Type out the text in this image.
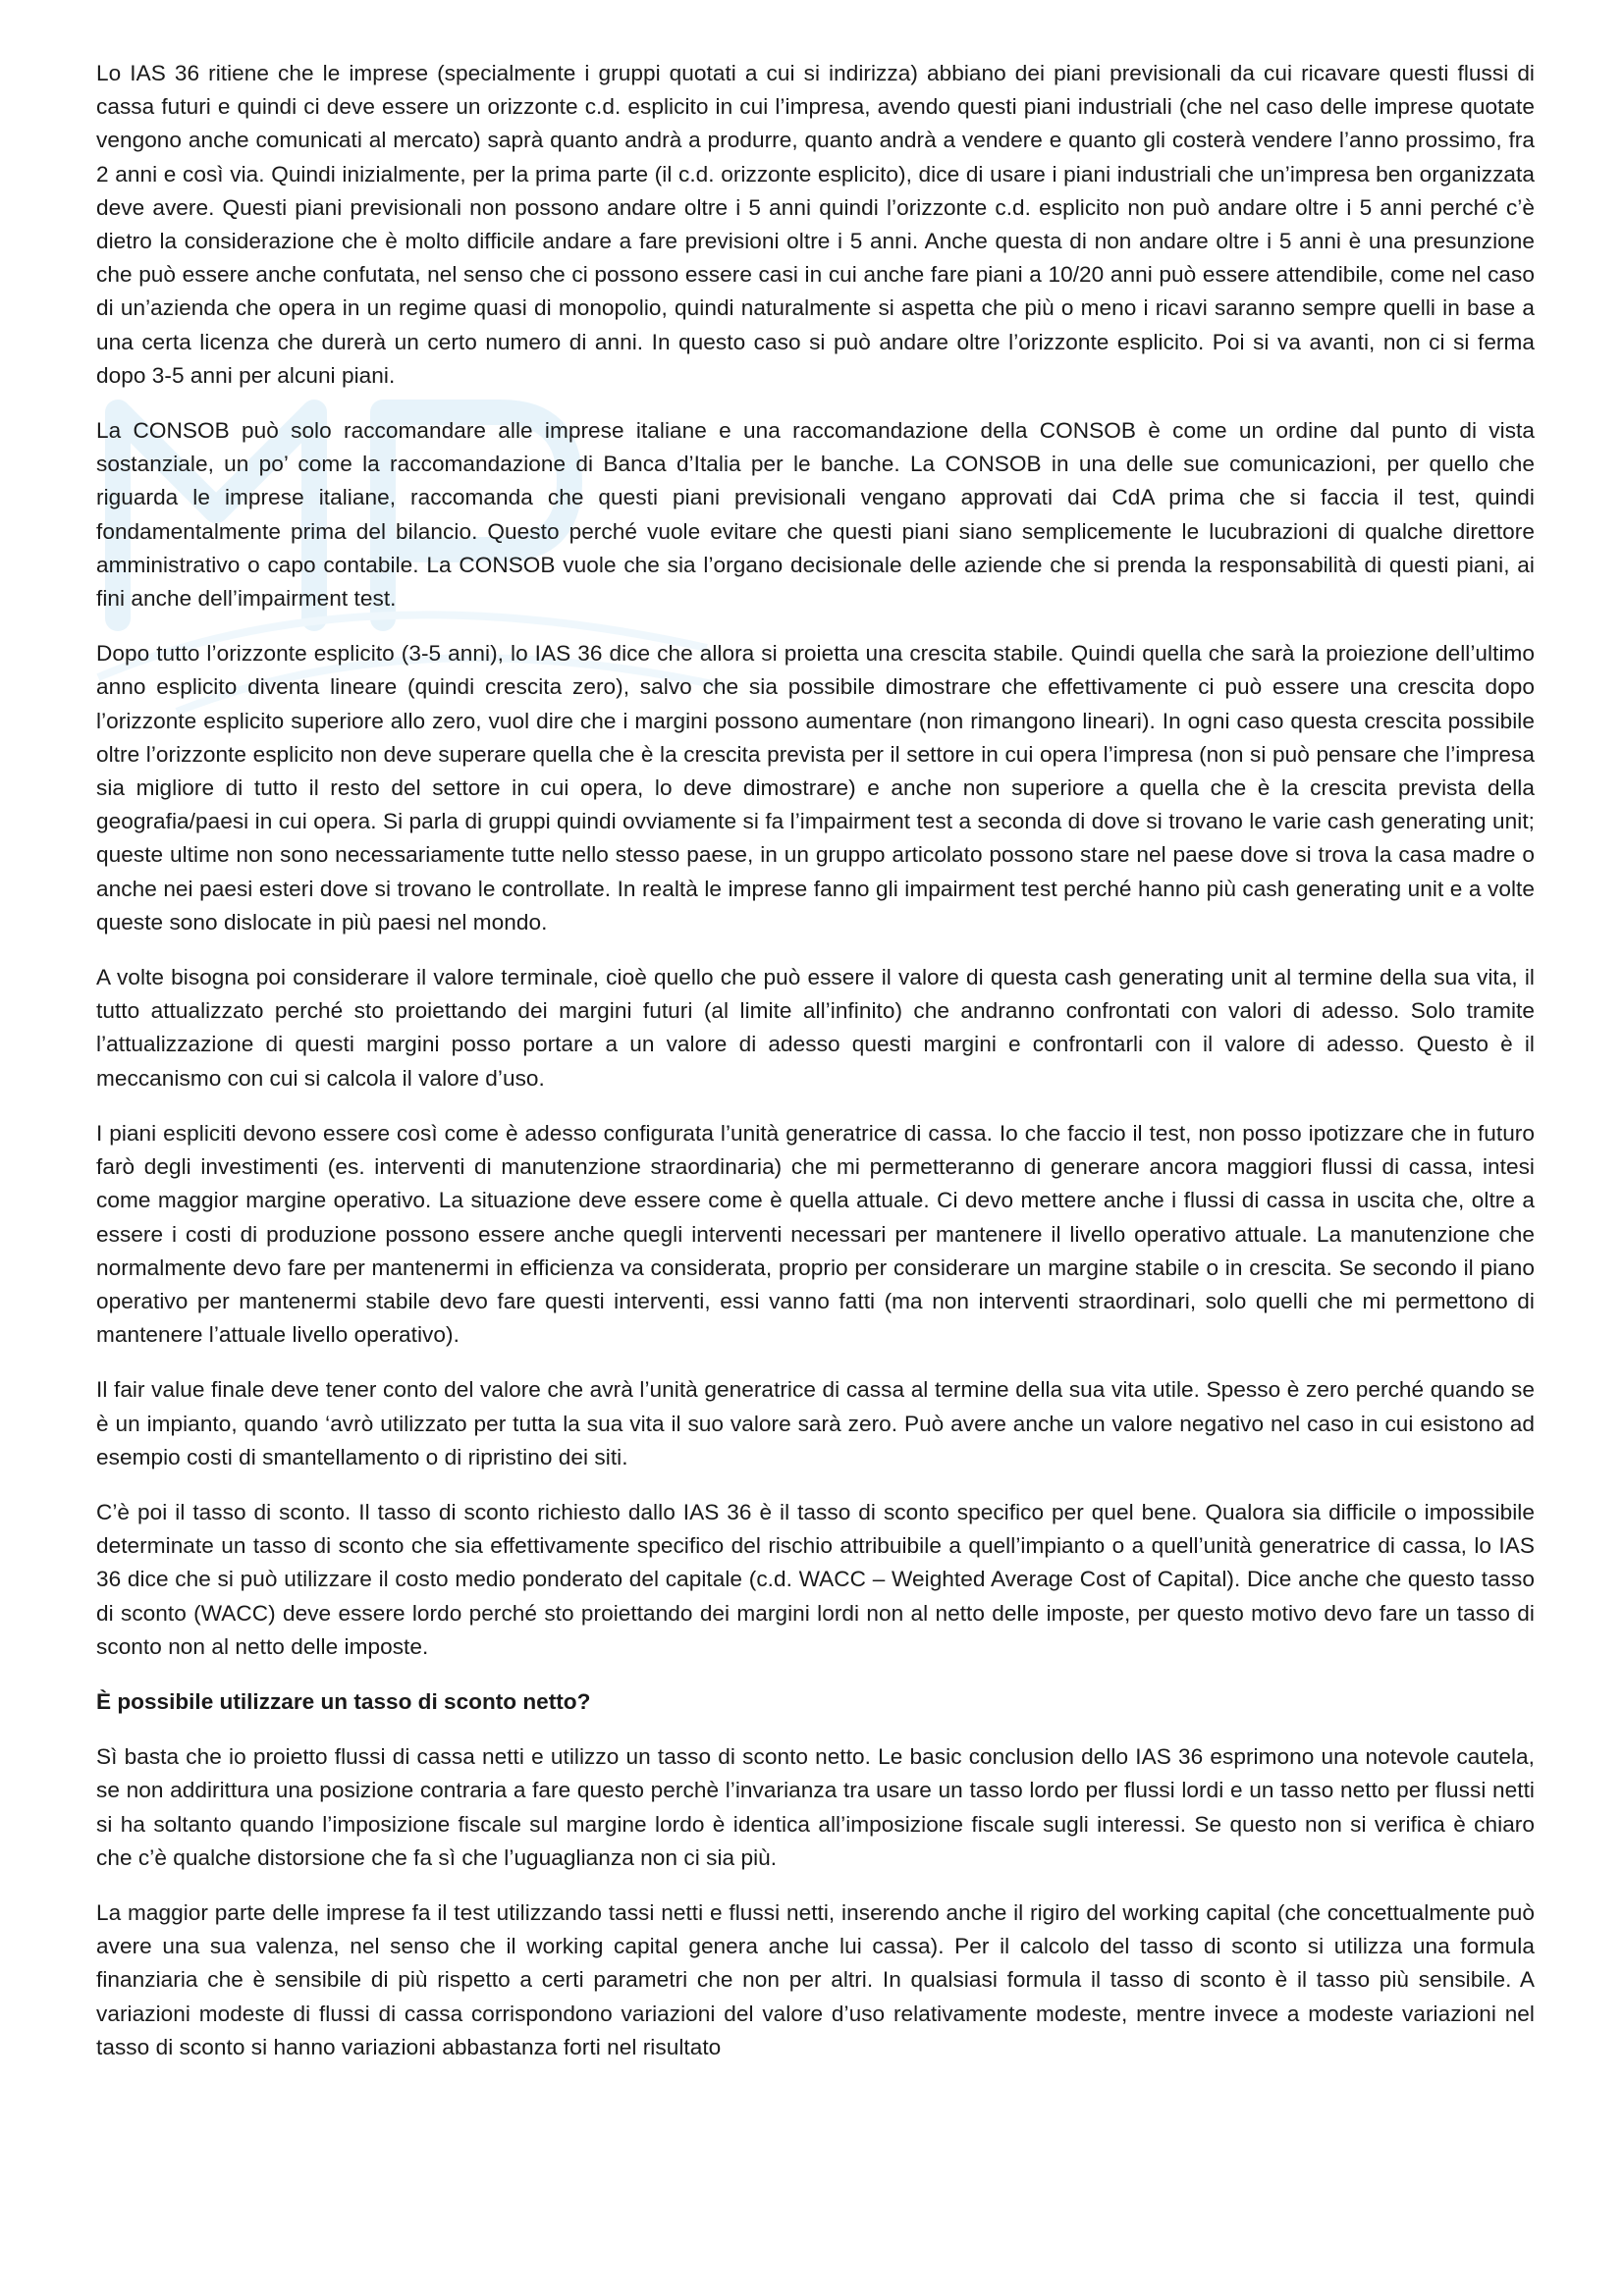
Lo IAS 36 ritiene che le imprese (specialmente i gruppi quotati a cui si indirizza) abbiano dei piani previsionali da cui ricavare questi flussi di cassa futuri e quindi ci deve essere un orizzonte c.d. esplicito in cui l’impresa, avendo questi piani industriali (che nel caso delle imprese quotate vengono anche comunicati al mercato) saprà quanto andrà a produrre, quanto andrà a vendere e quanto gli costerà vendere l’anno prossimo, fra 2 anni e così via. Quindi inizialmente, per la prima parte (il c.d. orizzonte esplicito), dice di usare i piani industriali che un’impresa ben organizzata deve avere. Questi piani previsionali non possono andare oltre i 5 anni quindi l’orizzonte c.d. esplicito non può andare oltre i 5 anni perché c’è dietro la considerazione che è molto difficile andare a fare previsioni oltre i 5 anni. Anche questa di non andare oltre i 5 anni è una presunzione che può essere anche confutata, nel senso che ci possono essere casi in cui anche fare piani a 10/20 anni può essere attendibile, come nel caso di un’azienda che opera in un regime quasi di monopolio, quindi naturalmente si aspetta che più o meno i ricavi saranno sempre quelli in base a una certa licenza che durerà un certo numero di anni. In questo caso si può andare oltre l’orizzonte esplicito. Poi si va avanti, non ci si ferma dopo 3-5 anni per alcuni piani.

La CONSOB può solo raccomandare alle imprese italiane e una raccomandazione della CONSOB è come un ordine dal punto di vista sostanziale, un po’ come la raccomandazione di Banca d’Italia per le banche. La CONSOB in una delle sue comunicazioni, per quello che riguarda le imprese italiane, raccomanda che questi piani previsionali vengano approvati dai CdA prima che si faccia il test, quindi fondamentalmente prima del bilancio. Questo perché vuole evitare che questi piani siano semplicemente le lucubrazioni di qualche direttore amministrativo o capo contabile. La CONSOB vuole che sia l’organo decisionale delle aziende che si prenda la responsabilità di questi piani, ai fini anche dell’impairment test.

Dopo tutto l’orizzonte esplicito (3-5 anni), lo IAS 36 dice che allora si proietta una crescita stabile. Quindi quella che sarà la proiezione dell’ultimo anno esplicito diventa lineare (quindi crescita zero), salvo che sia possibile dimostrare che effettivamente ci può essere una crescita dopo l’orizzonte esplicito superiore allo zero, vuol dire che i margini possono aumentare (non rimangono lineari). In ogni caso questa crescita possibile oltre l’orizzonte esplicito non deve superare quella che è la crescita prevista per il settore in cui opera l’impresa (non si può pensare che l’impresa sia migliore di tutto il resto del settore in cui opera, lo deve dimostrare) e anche non superiore a quella che è la crescita prevista della geografia/paesi in cui opera. Si parla di gruppi quindi ovviamente si fa l’impairment test a seconda di dove si trovano le varie cash generating unit; queste ultime non sono necessariamente tutte nello stesso paese, in un gruppo articolato possono stare nel paese dove si trova la casa madre o anche nei paesi esteri dove si trovano le controllate. In realtà le imprese fanno gli impairment test perché hanno più cash generating unit e a volte queste sono dislocate in più paesi nel mondo.

A volte bisogna poi considerare il valore terminale, cioè quello che può essere il valore di questa cash generating unit al termine della sua vita, il tutto attualizzato perché sto proiettando dei margini futuri (al limite all’infinito) che andranno confrontati con valori di adesso. Solo tramite l’attualizzazione di questi margini posso portare a un valore di adesso questi margini e confrontarli con il valore di adesso. Questo è il meccanismo con cui si calcola il valore d’uso.

I piani espliciti devono essere così come è adesso configurata l’unità generatrice di cassa. Io che faccio il test, non posso ipotizzare che in futuro farò degli investimenti (es. interventi di manutenzione straordinaria) che mi permetteranno di generare ancora maggiori flussi di cassa, intesi come maggior margine operativo. La situazione deve essere come è quella attuale. Ci devo mettere anche i flussi di cassa in uscita che, oltre a essere i costi di produzione possono essere anche quegli interventi necessari per mantenere il livello operativo attuale. La manutenzione che normalmente devo fare per mantenermi in efficienza va considerata, proprio per considerare un margine stabile o in crescita. Se secondo il piano operativo per mantenermi stabile devo fare questi interventi, essi vanno fatti (ma non interventi straordinari, solo quelli che mi permettono di mantenere l’attuale livello operativo).

Il fair value finale deve tener conto del valore che avrà l’unità generatrice di cassa al termine della sua vita utile. Spesso è zero perché quando se è un impianto, quando ‘avrò utilizzato per tutta la sua vita il suo valore sarà zero. Può avere anche un valore negativo nel caso in cui esistono ad esempio costi di smantellamento o di ripristino dei siti.

C’è poi il tasso di sconto. Il tasso di sconto richiesto dallo IAS 36 è il tasso di sconto specifico per quel bene. Qualora sia difficile o impossibile determinate un tasso di sconto che sia effettivamente specifico del rischio attribuibile a quell’impianto o a quell’unità generatrice di cassa, lo IAS 36 dice che si può utilizzare il costo medio ponderato del capitale (c.d. WACC – Weighted Average Cost of Capital). Dice anche che questo tasso di sconto (WACC) deve essere lordo perché sto proiettando dei margini lordi non al netto delle imposte, per questo motivo devo fare un tasso di sconto non al netto delle imposte.

È possibile utilizzare un tasso di sconto netto?

Sì basta che io proietto flussi di cassa netti e utilizzo un tasso di sconto netto. Le basic conclusion dello IAS 36 esprimono una notevole cautela, se non addirittura una posizione contraria a fare questo perchè l’invarianza tra usare un tasso lordo per flussi lordi e un tasso netto per flussi netti si ha soltanto quando l’imposizione fiscale sul margine lordo è identica all’imposizione fiscale sugli interessi. Se questo non si verifica è chiaro che c’è qualche distorsione che fa sì che l’uguaglianza non ci sia più.

La maggior parte delle imprese fa il test utilizzando tassi netti e flussi netti, inserendo anche il rigiro del working capital (che concettualmente può avere una sua valenza, nel senso che il working capital genera anche lui cassa). Per il calcolo del tasso di sconto si utilizza una formula finanziaria che è sensibile di più rispetto a certi parametri che non per altri. In qualsiasi formula il tasso di sconto è il tasso più sensibile. A variazioni modeste di flussi di cassa corrispondono variazioni del valore d’uso relativamente modeste, mentre invece a modeste variazioni nel tasso di sconto si hanno variazioni abbastanza forti nel risultato
